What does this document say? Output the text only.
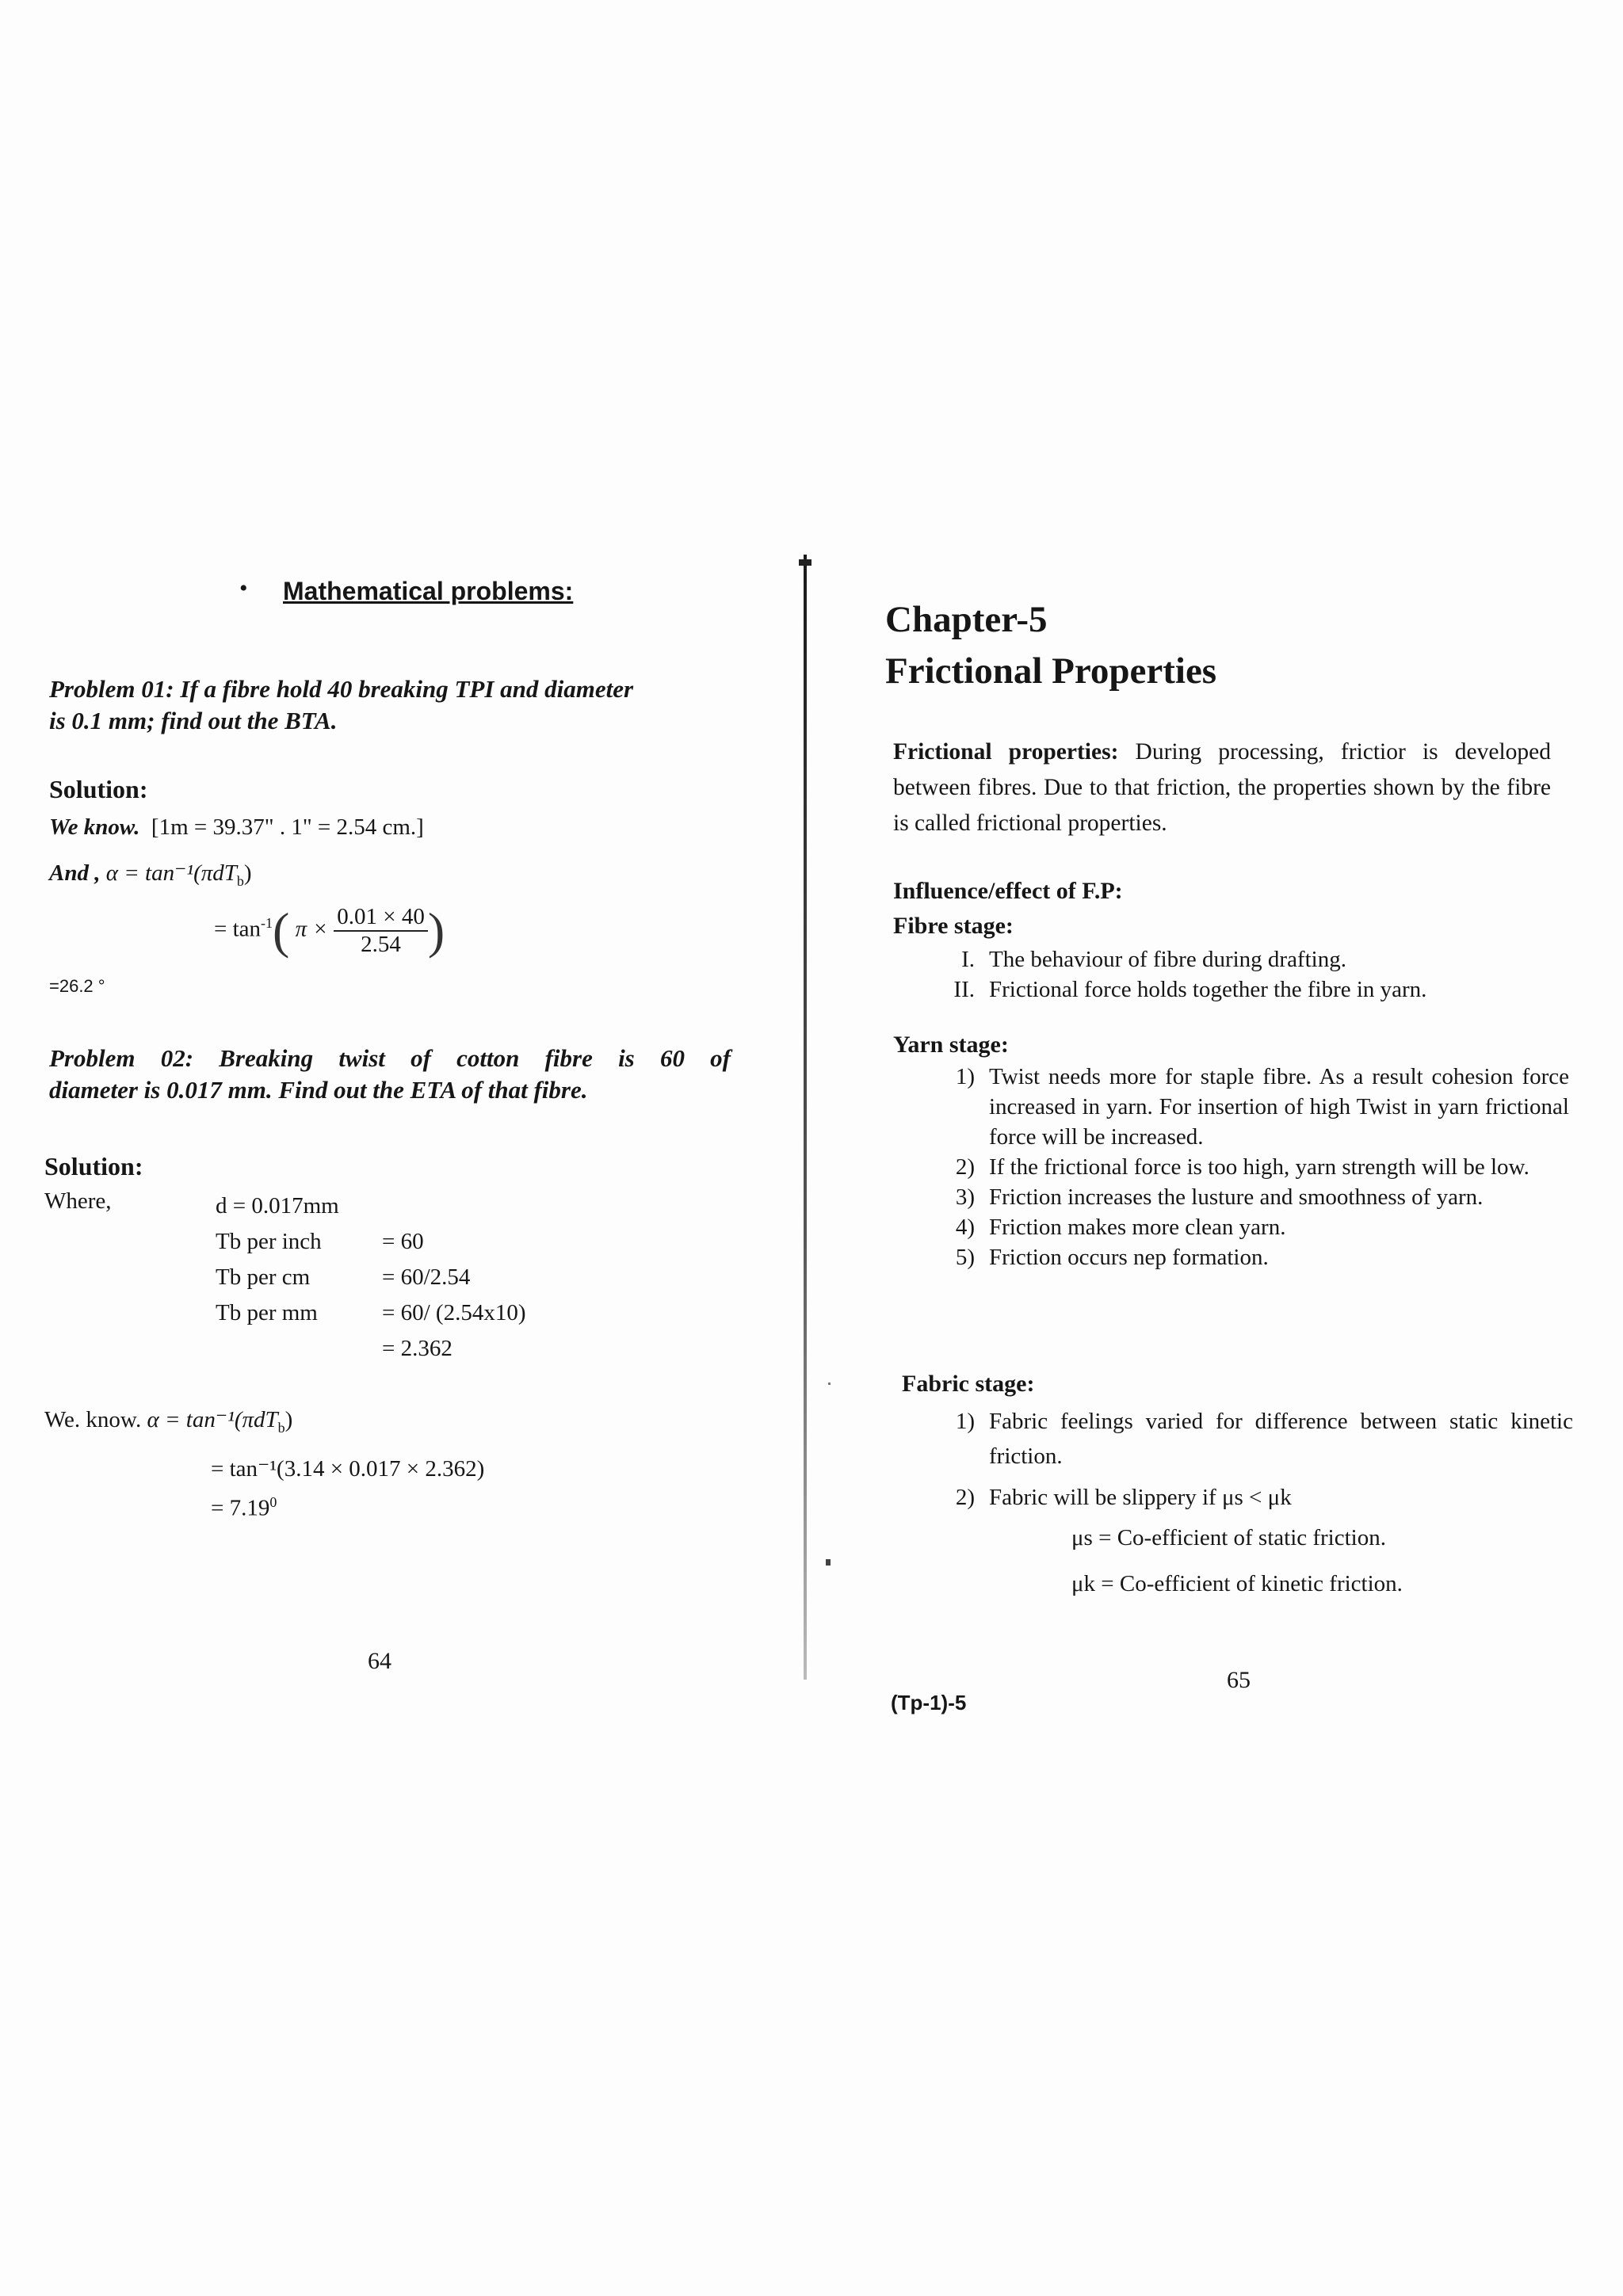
• Mathematical problems:
Problem 01: If a fibre hold 40 breaking TPI and diameter
is 0.1 mm; find out the BTA.
Solution:
We know. [1m = 39.37" . 1" = 2.54 cm.]
And , α = tan⁻¹(πdT$_b$)
= $\tan^{-1}$( $\pi \times \frac{0.01 \times 40}{2.54}$ )
=26.2 °
Problem 02: Breaking twist of cotton fibre is 60 of
diameter is 0.017 mm. Find out the ETA of that fibre.
Solution:
Where,	d = 0.017mm
Tb per inch	= 60
Tb per cm	= 60/2.54
Tb per mm	= 60/ (2.54x10)
= 2.362
We. know. α = tan⁻¹(πdT$_b$)
= tan⁻¹(3.14 × 0.017 × 2.362)
= $7.19^0$
64
Chapter-5
Frictional Properties
Frictional properties: During processing, frictior is developed between fibres. Due to that friction, the properties shown by the fibre is called frictional properties.
Influence/effect of F.P:
Fibre stage:
I. The behaviour of fibre during drafting.
II. Frictional force holds together the fibre in yarn.
Yarn stage:
1) Twist needs more for staple fibre. As a result cohesion force increased in yarn. For insertion of high Twist in yarn frictional force will be increased.
2) If the frictional force is too high, yarn strength will be low.
3) Friction increases the lusture and smoothness of yarn.
4) Friction makes more clean yarn.
5) Friction occurs nep formation.
Fabric stage:
1) Fabric feelings varied for difference between static kinetic friction.
2) Fabric will be slippery if μs < μk
μs = Co-efficient of static friction.
μk = Co-efficient of kinetic friction.
65
(Tp-1)-5
